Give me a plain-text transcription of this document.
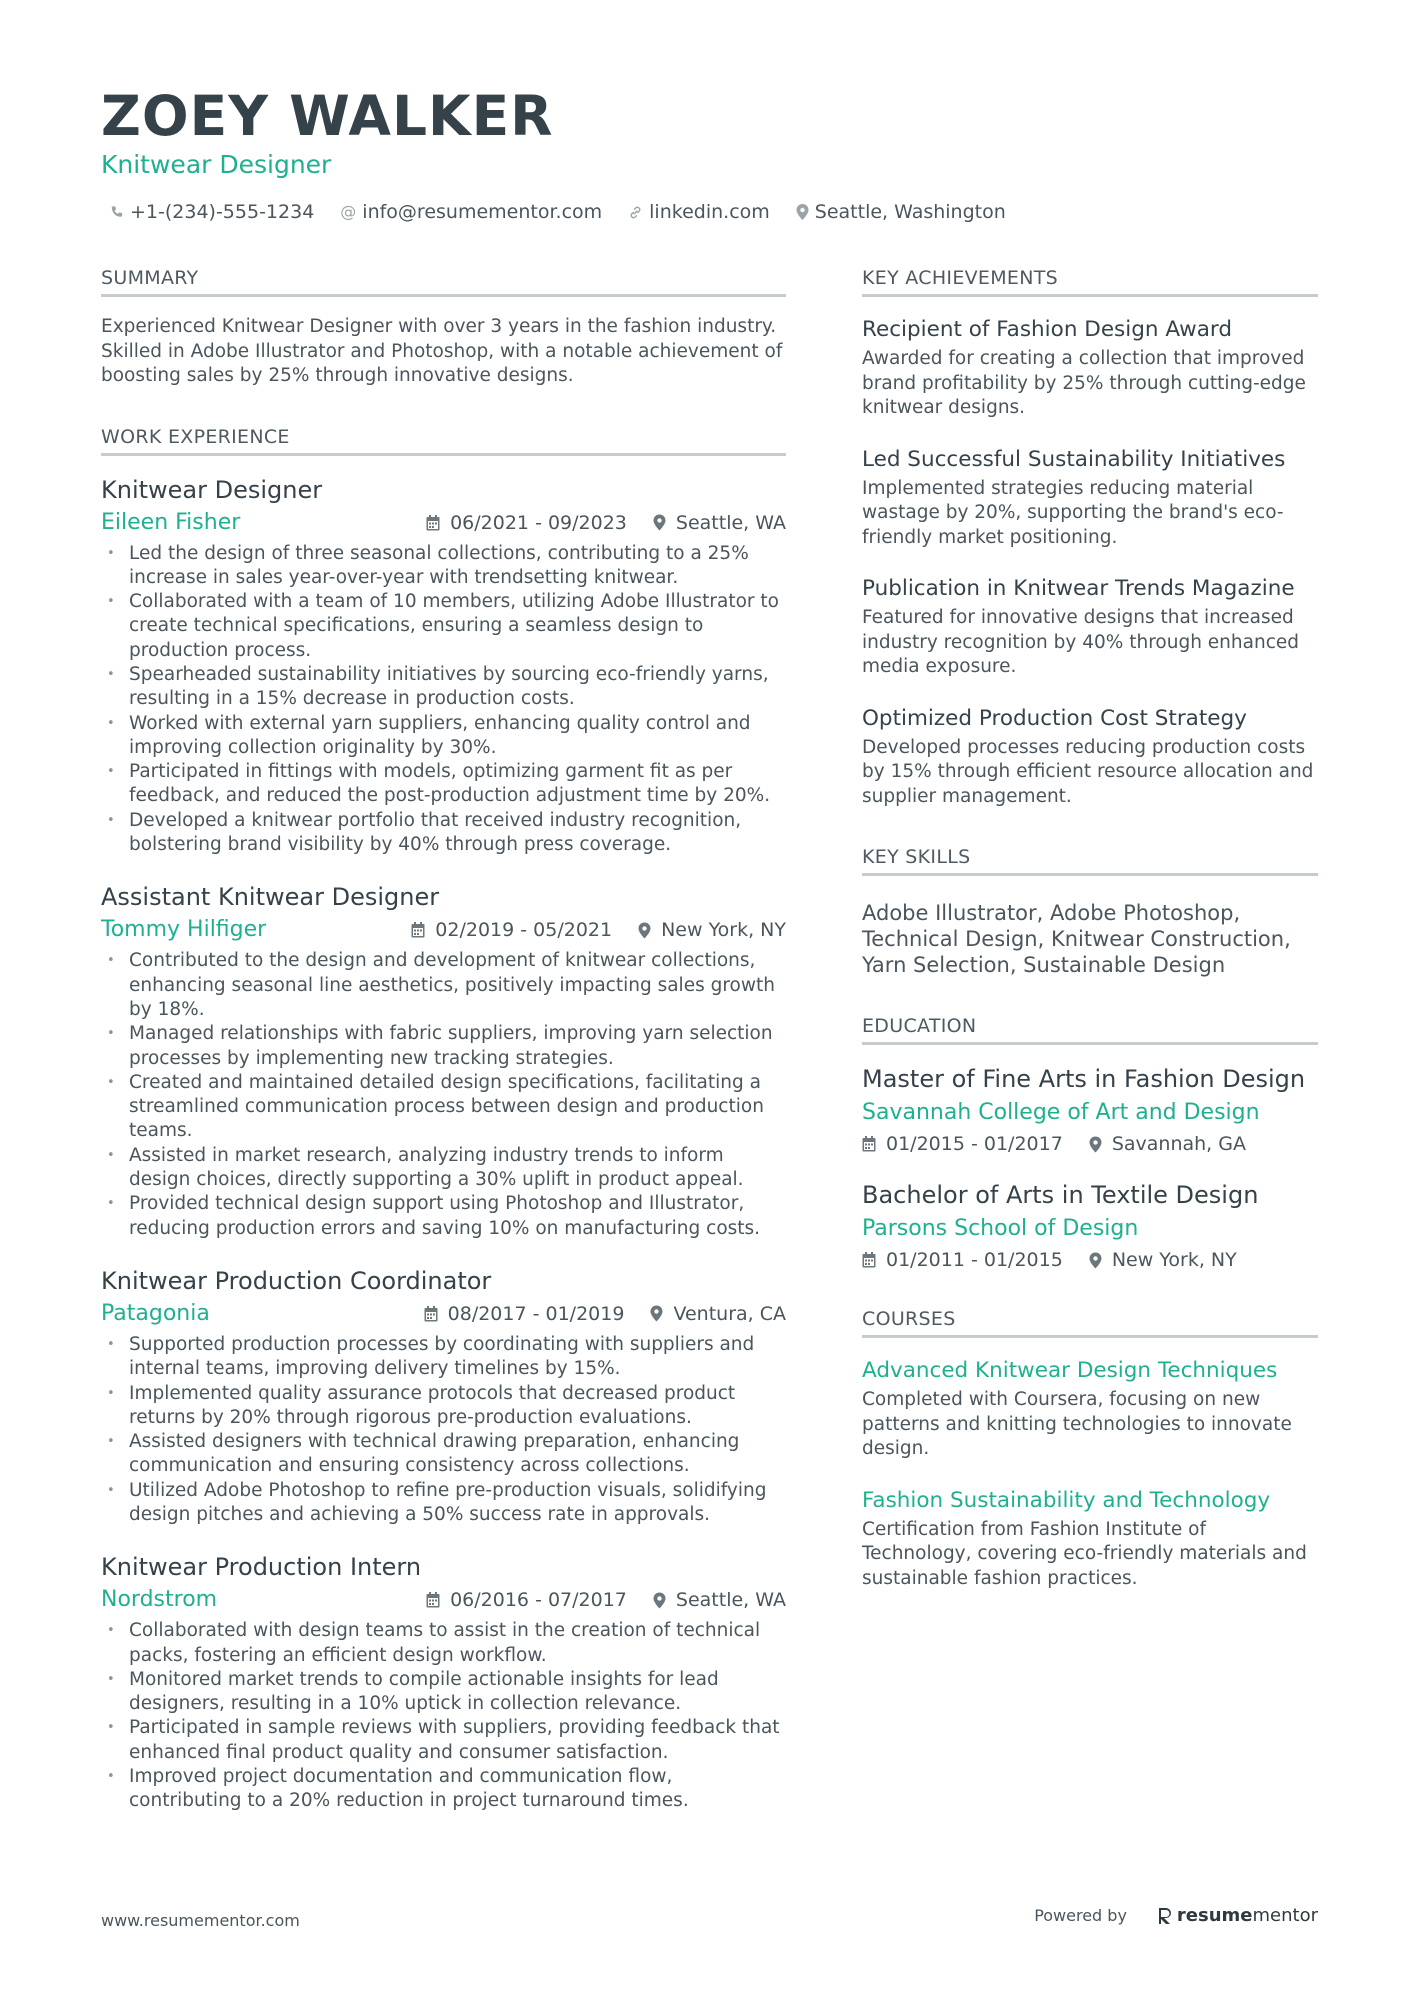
ZOEY WALKER
Knitwear Designer
+1-(234)-555-1234 @ info@resumementor.com linkedin.com Seattle, Washington
SUMMARY

Experienced Knitwear Designer with over 3 years in the fashion industry. Skilled in Adobe Illustrator and Photoshop, with a notable achievement of boosting sales by 25% through innovative designs.

WORK EXPERIENCE
Knitwear Designer
Eileen Fisher	06/2021 - 09/2023	Seattle, WA
• Led the design of three seasonal collections, contributing to a 25% increase in sales year-over-year with trendsetting knitwear.
• Collaborated with a team of 10 members, utilizing Adobe Illustrator to create technical specifications, ensuring a seamless design to production process.
• Spearheaded sustainability initiatives by sourcing eco-friendly yarns, resulting in a 15% decrease in production costs.
• Worked with external yarn suppliers, enhancing quality control and improving collection originality by 30%.
• Participated in fittings with models, optimizing garment fit as per feedback, and reduced the post-production adjustment time by 20%.
• Developed a knitwear portfolio that received industry recognition, bolstering brand visibility by 40% through press coverage.
Assistant Knitwear Designer
Tommy Hilfiger	02/2019 - 05/2021	New York, NY
• Contributed to the design and development of knitwear collections, enhancing seasonal line aesthetics, positively impacting sales growth by 18%.
• Managed relationships with fabric suppliers, improving yarn selection processes by implementing new tracking strategies.
• Created and maintained detailed design specifications, facilitating a streamlined communication process between design and production teams.
• Assisted in market research, analyzing industry trends to inform design choices, directly supporting a 30% uplift in product appeal.
• Provided technical design support using Photoshop and Illustrator, reducing production errors and saving 10% on manufacturing costs.
Knitwear Production Coordinator
Patagonia	08/2017 - 01/2019	Ventura, CA
• Supported production processes by coordinating with suppliers and internal teams, improving delivery timelines by 15%.
• Implemented quality assurance protocols that decreased product returns by 20% through rigorous pre-production evaluations.
• Assisted designers with technical drawing preparation, enhancing communication and ensuring consistency across collections.
• Utilized Adobe Photoshop to refine pre-production visuals, solidifying design pitches and achieving a 50% success rate in approvals.
Knitwear Production Intern
Nordstrom	06/2016 - 07/2017	Seattle, WA
• Collaborated with design teams to assist in the creation of technical packs, fostering an efficient design workflow.
• Monitored market trends to compile actionable insights for lead designers, resulting in a 10% uptick in collection relevance.
• Participated in sample reviews with suppliers, providing feedback that enhanced final product quality and consumer satisfaction.
• Improved project documentation and communication flow, contributing to a 20% reduction in project turnaround times.
KEY ACHIEVEMENTS
Recipient of Fashion Design Award

Awarded for creating a collection that improved brand profitability by 25% through cutting-edge knitwear designs.

Led Successful Sustainability Initiatives

Implemented strategies reducing material wastage by 20%, supporting the brand's eco-friendly market positioning.

Publication in Knitwear Trends Magazine

Featured for innovative designs that increased industry recognition by 40% through enhanced media exposure.

Optimized Production Cost Strategy

Developed processes reducing production costs by 15% through efficient resource allocation and supplier management.

KEY SKILLS

Adobe Illustrator, Adobe Photoshop, Technical Design, Knitwear Construction, Yarn Selection, Sustainable Design

EDUCATION
Master of Fine Arts in Fashion Design
Savannah College of Art and Design
01/2015 - 01/2017	Savannah, GA
Bachelor of Arts in Textile Design
Parsons School of Design
01/2011 - 01/2015	New York, NY
COURSES
Advanced Knitwear Design Techniques

Completed with Coursera, focusing on new patterns and knitting technologies to innovate design.

Fashion Sustainability and Technology

Certification from Fashion Institute of Technology, covering eco-friendly materials and sustainable fashion practices.

www.resumementor.com	Powered by	resume mentor
